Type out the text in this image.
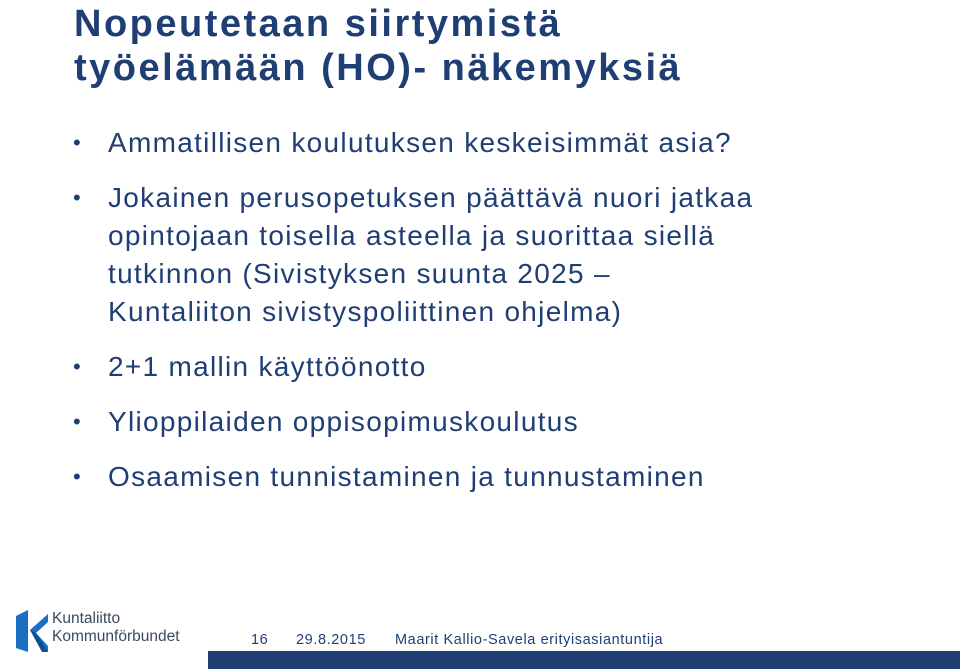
Nopeutetaan siirtymistä
työelämään (HO)- näkemyksiä
• Ammatillisen koulutuksen keskeisimmät asia?
• Jokainen perusopetuksen päättävä nuori jatkaa
opintojaan toisella asteella ja suorittaa siellä
tutkinnon (Sivistyksen suunta 2025 –
Kuntaliiton sivistyspoliittinen ohjelma)
• 2+1 mallin käyttöönotto
• Ylioppilaiden oppisopimuskoulutus
• Osaamisen tunnistaminen ja tunnustaminen
Kuntaliitto
Kommunförbundet	16 29.8.2015 Maarit Kallio-Savela erityisasiantuntija
